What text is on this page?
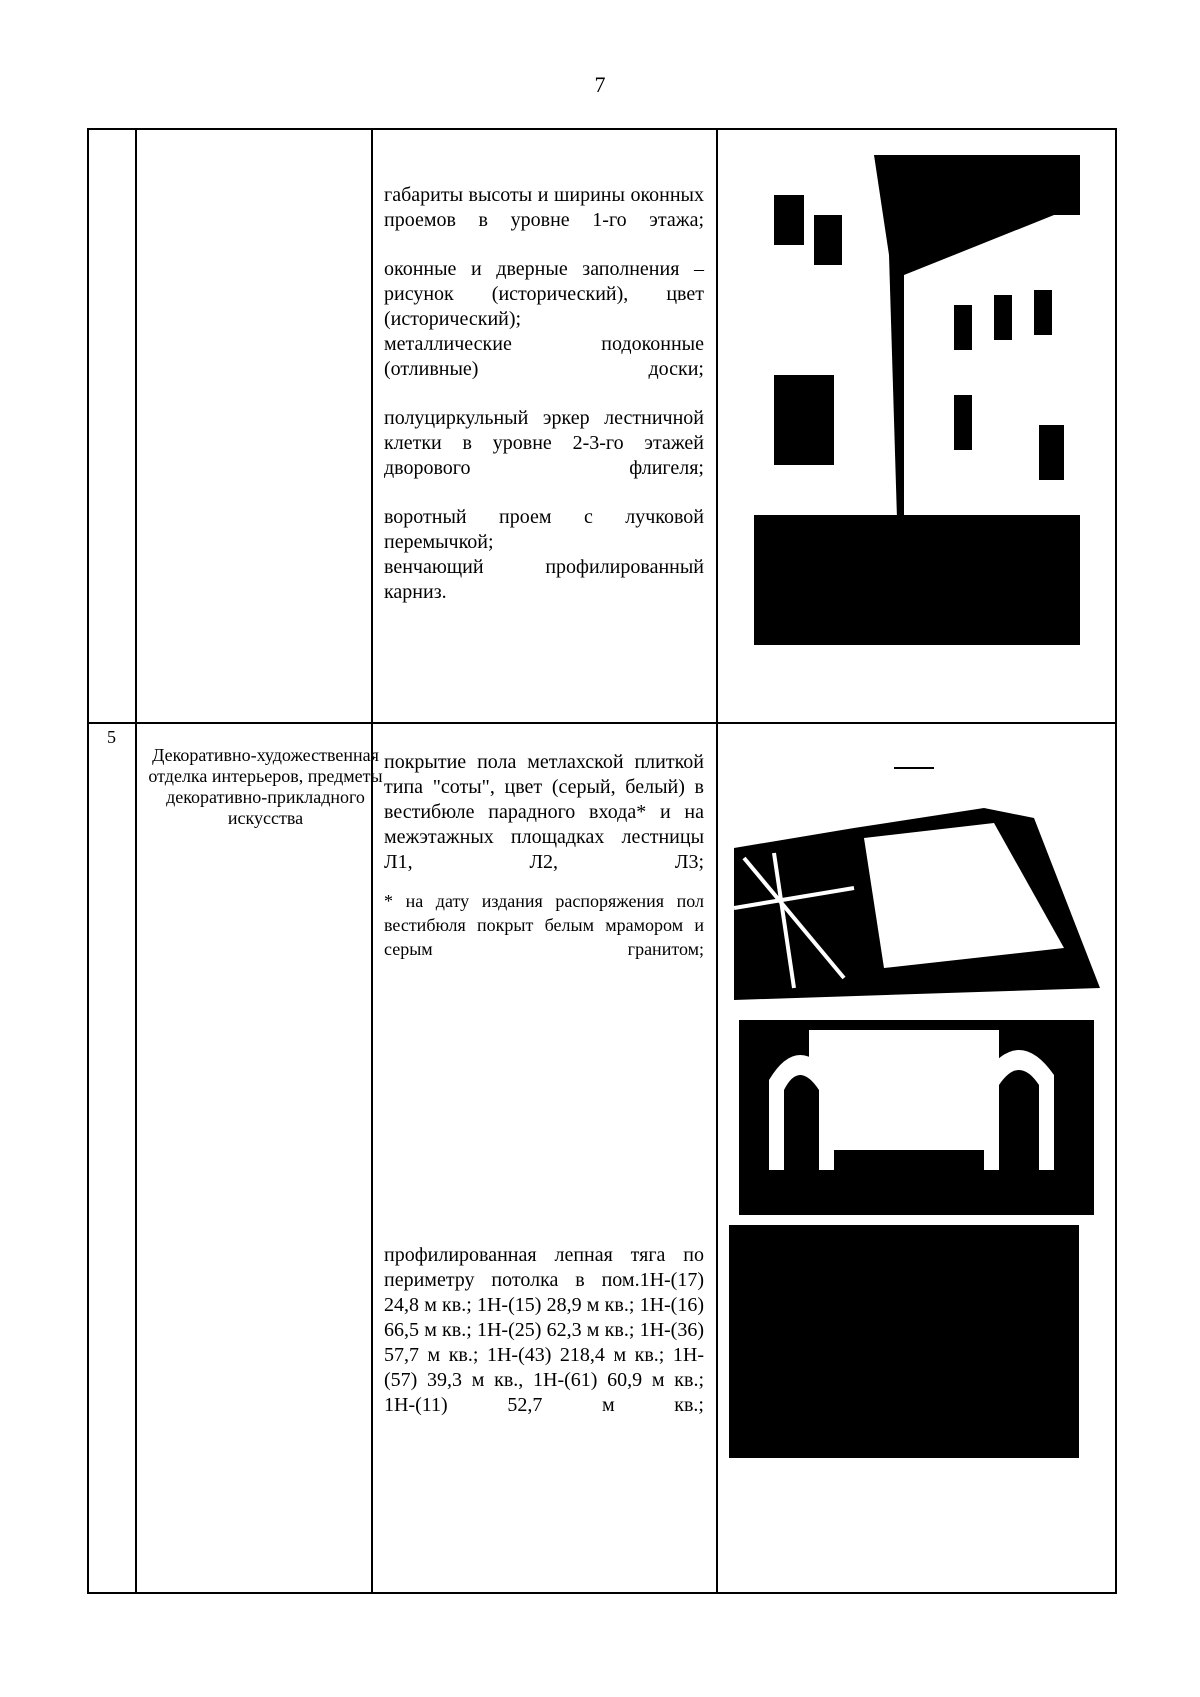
7
габариты высоты и ширины оконных проемов в уровне 1-го этажа;
оконные и дверные заполнения – рисунок (исторический), цвет (исторический);
металлические подоконные (отливные) доски;
полуциркульный эркер лестничной клетки в уровне 2-3-го этажей дворового флигеля;
воротный проем с лучковой перемычкой;
венчающий профилированный карниз.
5
Декоративно-художественная отделка интерьеров, предметы декоративно-прикладного искусства
покрытие пола метлахской плиткой типа "соты", цвет (серый, белый) в вестибюле парадного входа* и на межэтажных площадках лестницы Л1, Л2, Л3;
* на дату издания распоряжения пол вестибюля покрыт белым мрамором и серым гранитом;
профилированная лепная тяга по периметру потолка в пом.1Н-(17) 24,8 м кв.; 1Н-(15) 28,9 м кв.; 1Н-(16) 66,5 м кв.; 1Н-(25) 62,3 м кв.; 1Н-(36) 57,7 м кв.; 1Н-(43) 218,4 м кв.; 1Н-(57) 39,3 м кв., 1Н-(61) 60,9 м кв.; 1Н-(11) 52,7 м кв.;
